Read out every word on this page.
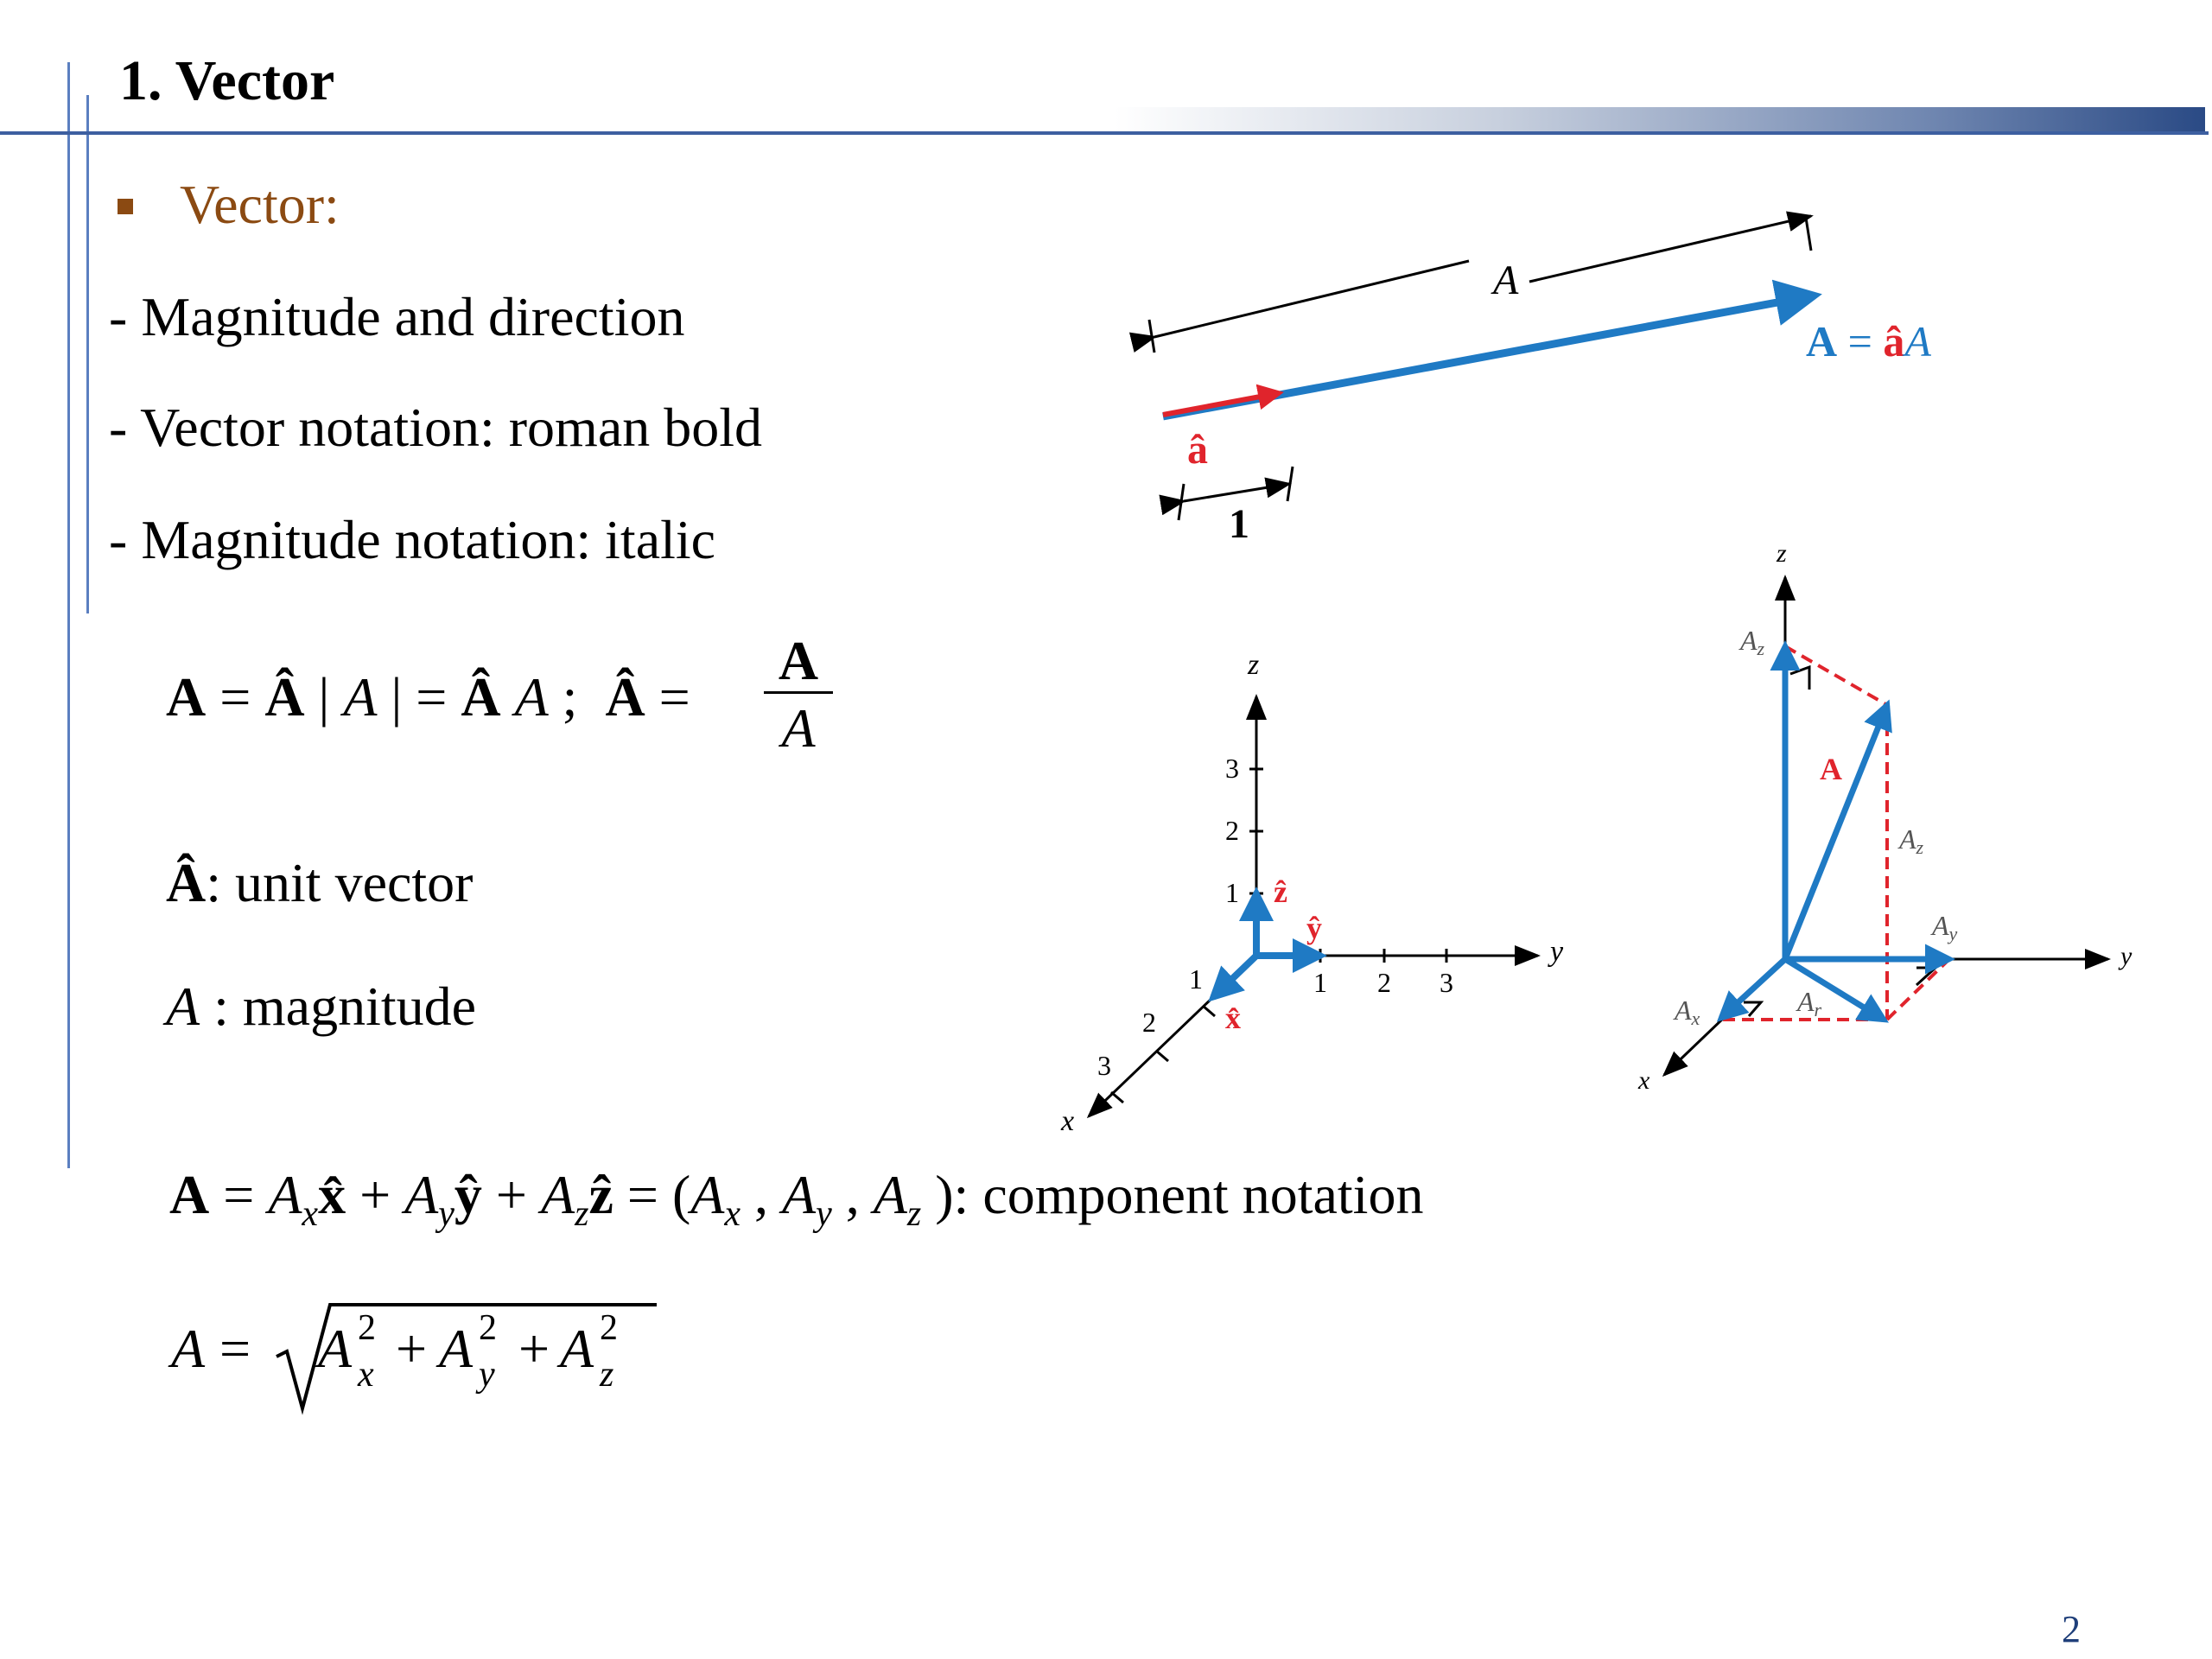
1. Vector
Vector:
- Magnitude and direction
- Vector notation: roman bold
- Magnitude notation: italic
A = Â | A | = Â A ;  Â =
A
A
Â: unit vector
A : magnitude
$A = A_xx̂$ + $A_yŷ$ + $A_zẑ = (A_x$ , $A_y$ , $A_z$ ): component notation
A = A 2
x + A 2
y + A 2
z
A
A = âA
â
1
z
y
x
1
2
3
1 2 3
1
2
3
ẑ
ŷ
x̂
z
y
x
Az
A
Az
Ay
Ar
Ax
2
